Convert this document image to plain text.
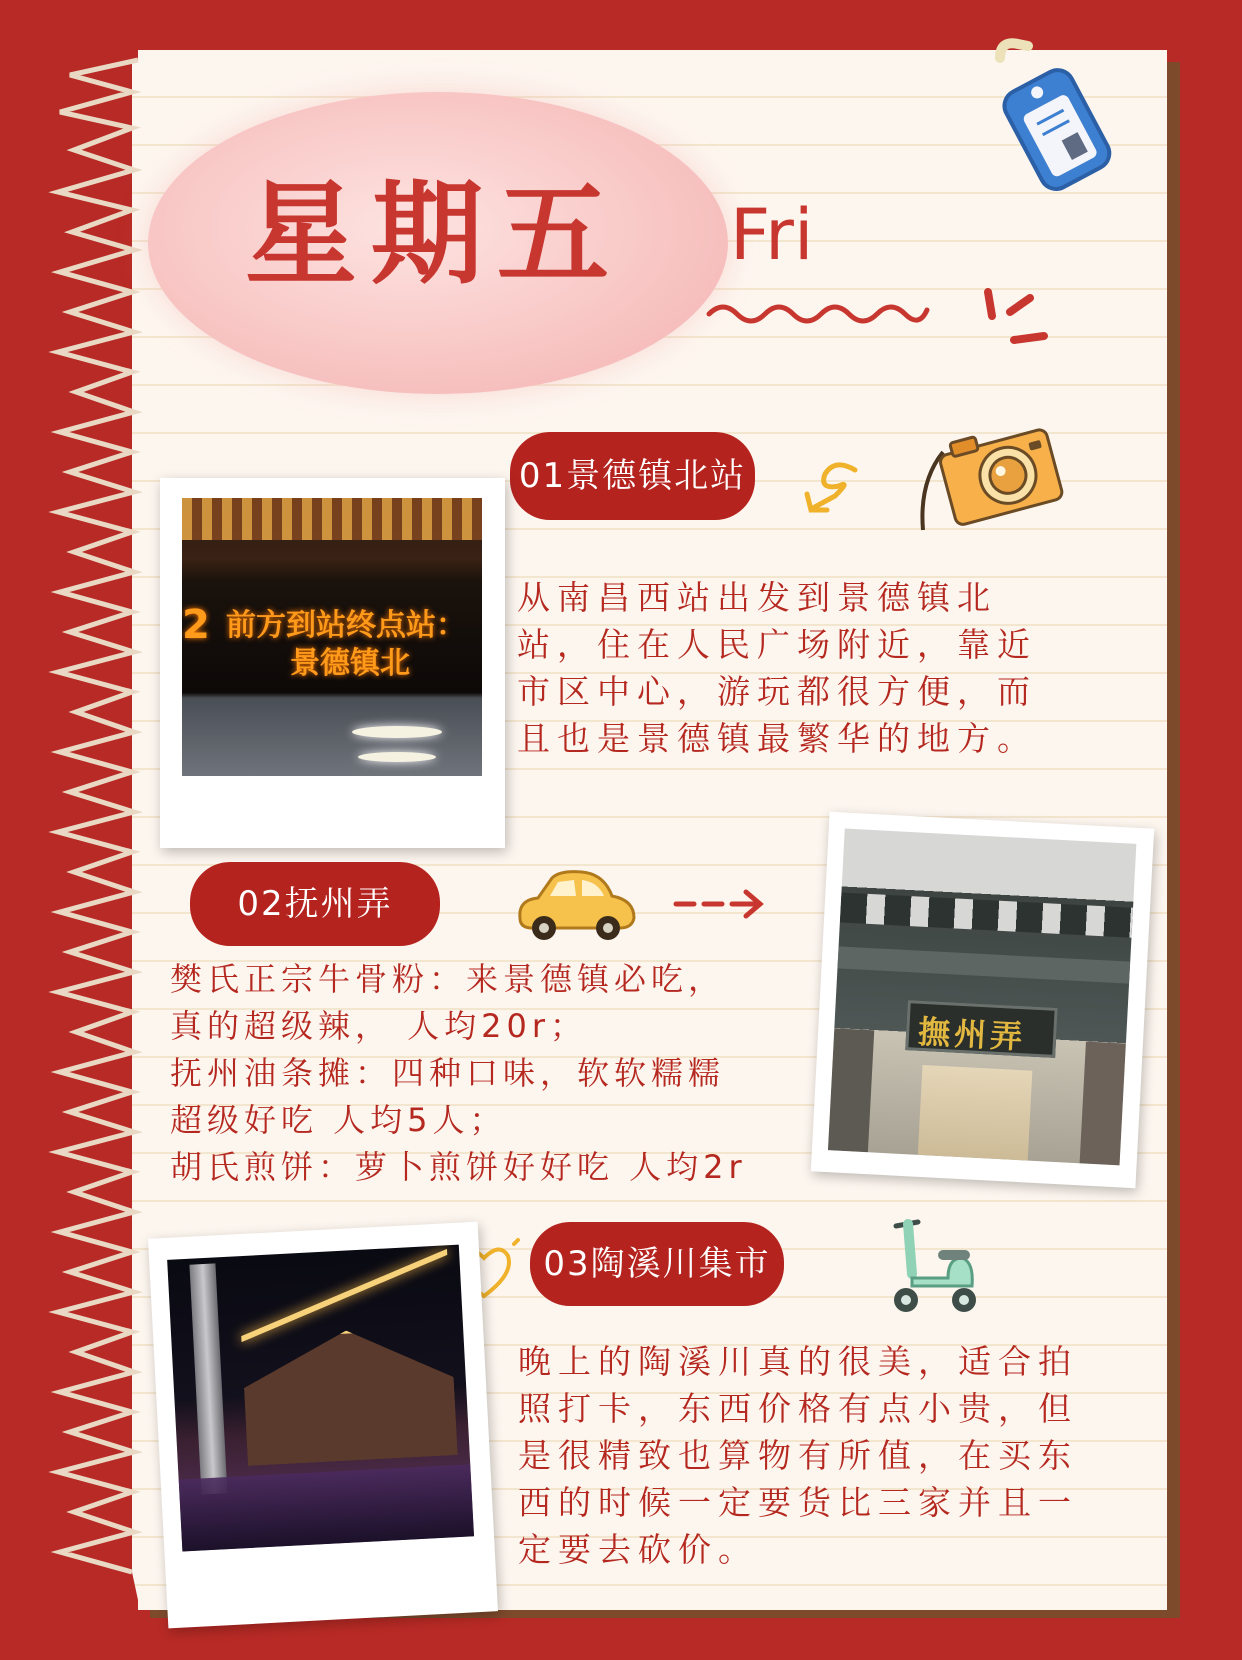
星期五	Fri
01景德镇北站
2 前方到站终点站：
景德镇北
从南昌西站出发到景德镇北站，住在人民广场附近，靠近市区中心，游玩都很方便，而且也是景德镇最繁华的地方。
02抚州弄
樊氏正宗牛骨粉：来景德镇必吃，
真的超级辣， 人均20r；
抚州油条摊：四种口味，软软糯糯
超级好吃 人均5人；
胡氏煎饼：萝卜煎饼好好吃 人均2r
撫州弄
03陶溪川集市
晚上的陶溪川真的很美，适合拍照打卡，东西价格有点小贵，但是很精致也算物有所值，在买东西的时候一定要货比三家并且一定要去砍价。
